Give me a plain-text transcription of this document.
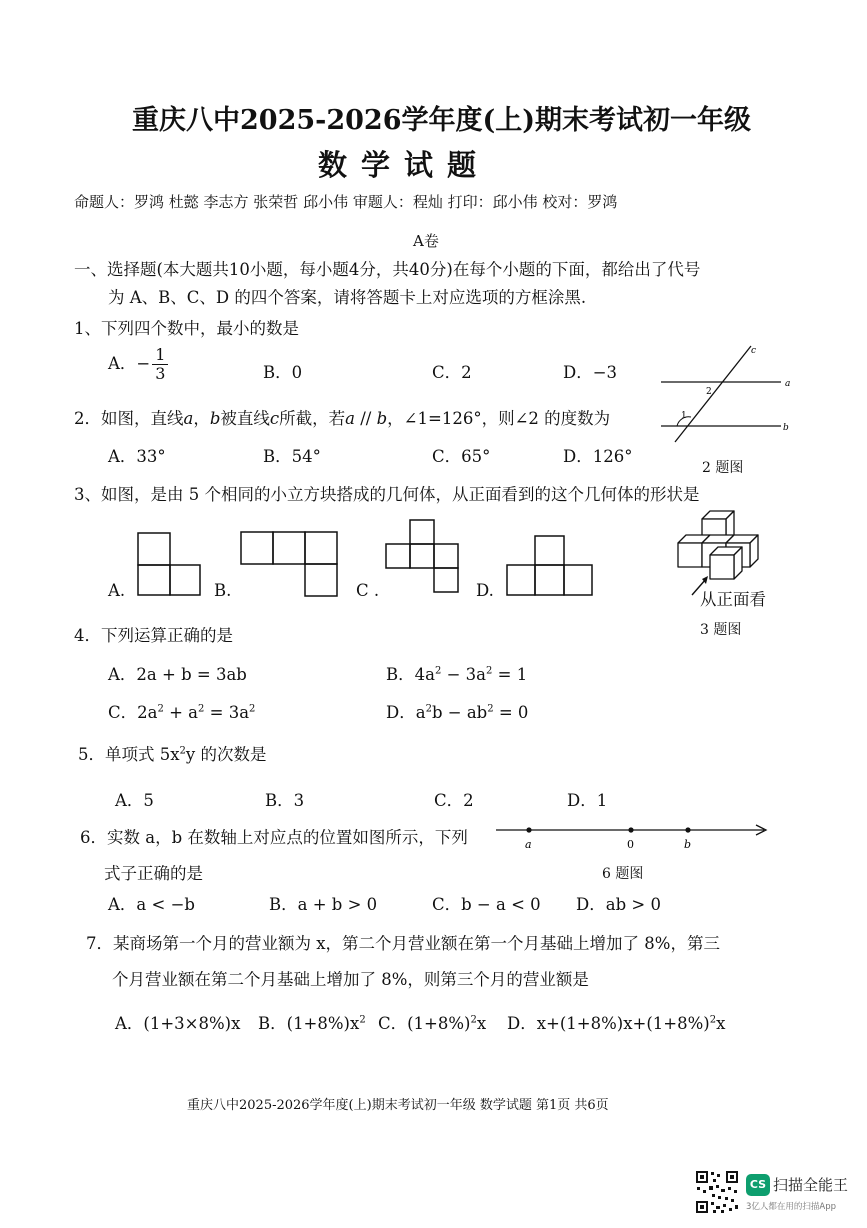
重庆八中2025-2026学年度(上)期末考试初一年级
数学试题
命题人：罗鸿 杜懿 李志方 张荣哲 邱小伟 审题人：程灿 打印：邱小伟 校对：罗鸿
A卷
一、选择题(本大题共10小题，每小题4分，共40分)在每个小题的下面，都给出了代号
为 A、B、C、D 的四个答案，请将答题卡上对应选项的方框涂黑.
1、下列四个数中，最小的数是
A．− $\frac{1}{3}$	B．0	C．2	D．−3
2．如图，直线a，b被直线c所截，若a // b，∠1=126°，则∠2 的度数为
A．33°	B．54°	C．65°	D．126°
c
a
b
1
2
2 题图
3、如图，是由 5 个相同的小立方块搭成的几何体，从正面看到的这个几何体的形状是
A.	B.	C .	D.	从正面看
3 题图
4．下列运算正确的是
A．2a + b = 3ab	B．$4a^2 - 3a^2 = 1$
C．$2a^2 + a^2 = 3a^2$	D．$a^2b - ab^2 = 0$
5．单项式 $5x^2y$ 的次数是
A．5	B．3	C．2	D．1
6．实数 a，b 在数轴上对应点的位置如图所示，下列
式子正确的是
a	0	b
6 题图
A．a < −b	B．a + b > 0	C．b − a < 0 D．ab > 0
7．某商场第一个月的营业额为 x，第二个月营业额在第一个月基础上增加了 8%，第三
个月营业额在第二个月基础上增加了 8%，则第三个月的营业额是
A．(1+3×8%)x B．$(1+8\%)x^2$ C．$(1+8\%)^2x$ D．$x+(1+8\%)x+(1+8\%)^2x$
重庆八中2025-2026学年度(上)期末考试初一年级 数学试题 第1页 共6页
CS 扫描全能王
3亿人都在用的扫描App
